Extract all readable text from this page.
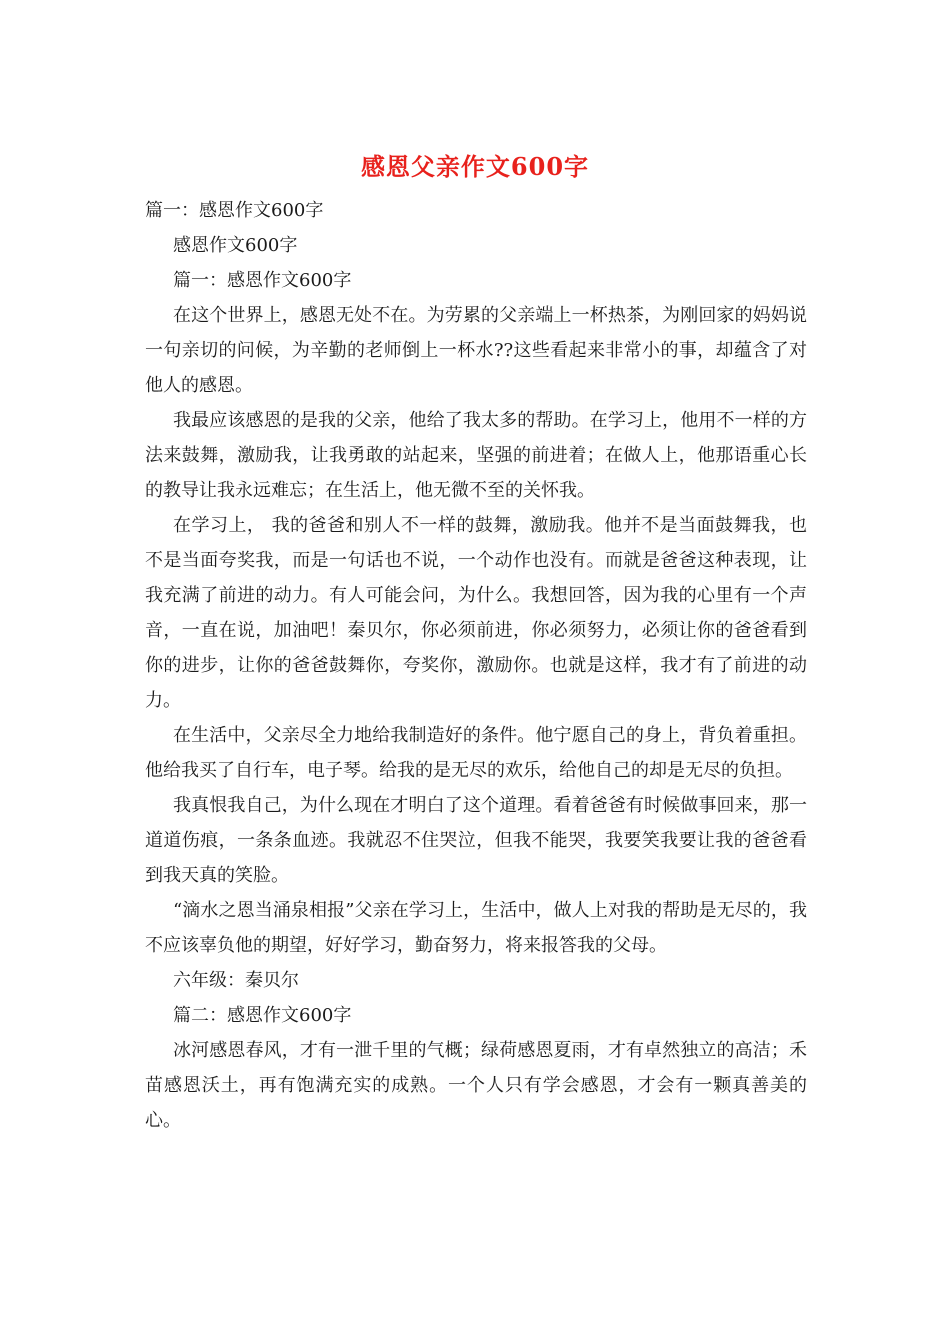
感恩父亲作文600字

篇一：感恩作文600字

感恩作文600字

篇一：感恩作文600字

在这个世界上，感恩无处不在。为劳累的父亲端上一杯热茶，为刚回家的妈妈说一句亲切的问候，为辛勤的老师倒上一杯水??这些看起来非常小的事，却蕴含了对他人的感恩。

我最应该感恩的是我的父亲，他给了我太多的帮助。在学习上，他用不一样的方法来鼓舞，激励我，让我勇敢的站起来，坚强的前进着；在做人上，他那语重心长的教导让我永远难忘；在生活上，他无微不至的关怀我。

在学习上， 我的爸爸和别人不一样的鼓舞，激励我。他并不是当面鼓舞我，也不是当面夸奖我，而是一句话也不说，一个动作也没有。而就是爸爸这种表现，让我充满了前进的动力。有人可能会问，为什么。我想回答，因为我的心里有一个声音，一直在说，加油吧！秦贝尔，你必须前进，你必须努力，必须让你的爸爸看到你的进步，让你的爸爸鼓舞你，夸奖你，激励你。也就是这样，我才有了前进的动力。

在生活中，父亲尽全力地给我制造好的条件。他宁愿自己的身上，背负着重担。他给我买了自行车，电子琴。给我的是无尽的欢乐，给他自己的却是无尽的负担。

我真恨我自己，为什么现在才明白了这个道理。看着爸爸有时候做事回来，那一道道伤痕，一条条血迹。我就忍不住哭泣，但我不能哭，我要笑我要让我的爸爸看到我天真的笑脸。

“滴水之恩当涌泉相报”父亲在学习上，生活中，做人上对我的帮助是无尽的，我不应该辜负他的期望，好好学习，勤奋努力，将来报答我的父母。

六年级：秦贝尔

篇二：感恩作文600字

冰河感恩春风，才有一泄千里的气概；绿荷感恩夏雨，才有卓然独立的高洁；禾苗感恩沃土，再有饱满充实的成熟。一个人只有学会感恩，才会有一颗真善美的心。
